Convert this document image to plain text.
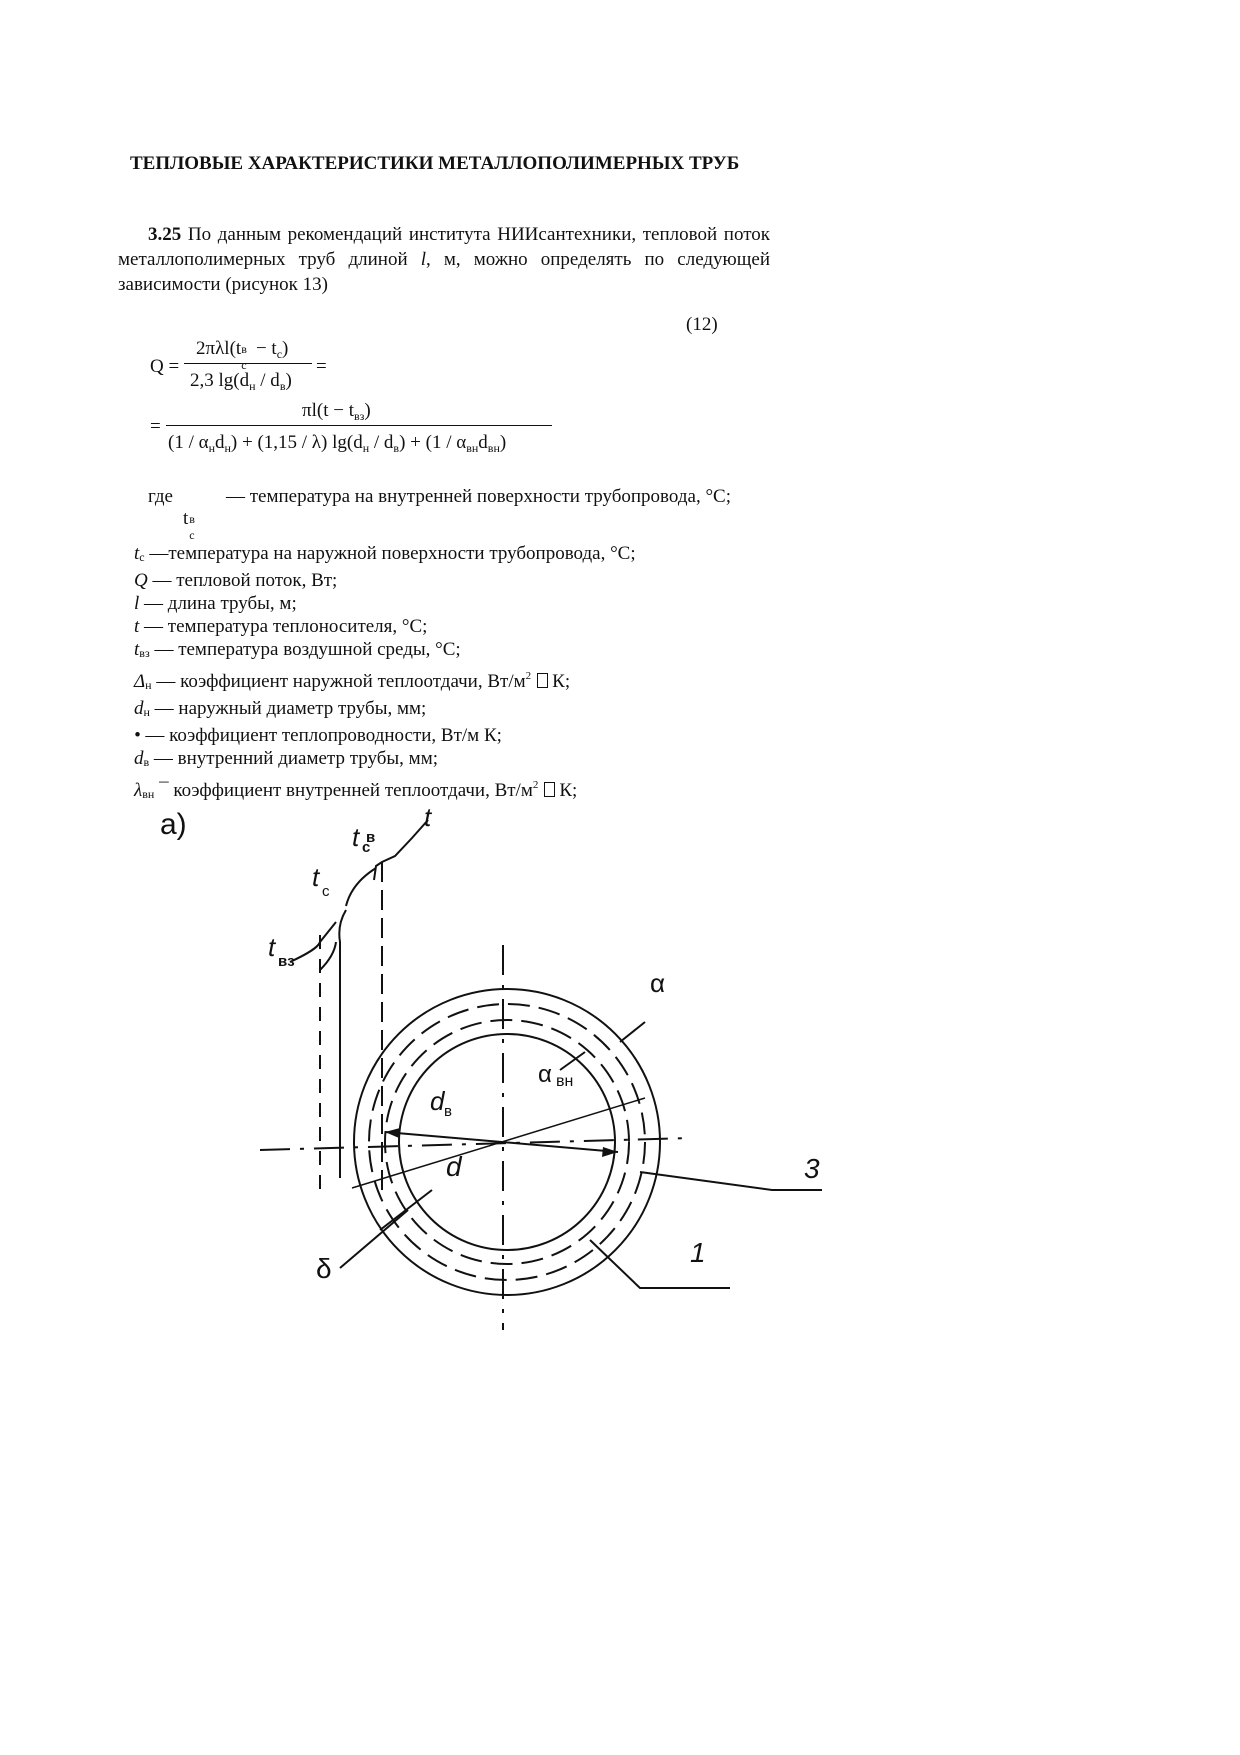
ТЕПЛОВЫЕ ХАРАКТЕРИСТИКИ МЕТАЛЛОПОЛИМЕРНЫХ ТРУБ
3.25 По данным рекомендаций института НИИсантехники, тепловой поток металлополимерных труб длиной l, м, можно определять по следующей зависимости (рисунок 13)
(12)
Q =
2πλl(t в
c
− $t_c$)
2,3 $\lg(d_н / d_в)$
=
=
$\pi l(t - t_{вз})$
$(1 / \alpha_нd_н) + (1,15 / \lambda)$ $\lg(d_н / d_в) + (1 / \alpha_{вн}d_{вн})$
где	— температура на внутренней поверхности трубопровода, °С;
t в
c
tc —температура на наружной поверхности трубопровода, °С;
Q — тепловой поток, Вт;
l — длина трубы, м;
t — температура теплоносителя, °С;
tвз — температура воздушной среды, °С;
Δн — коэффициент наружной теплоотдачи, $Вт/м^2$ К;
dн — наружный диаметр трубы, мм;
• — коэффициент теплопроводности, Вт/м К;
dв — внутренний диаметр трубы, мм;
λвн ¯ коэффициент внутренней теплоотдачи, $Вт/м^2$ К;
а)	t
t в
с
t с
t вз
α
α вн
d в
d
δ
3
1
